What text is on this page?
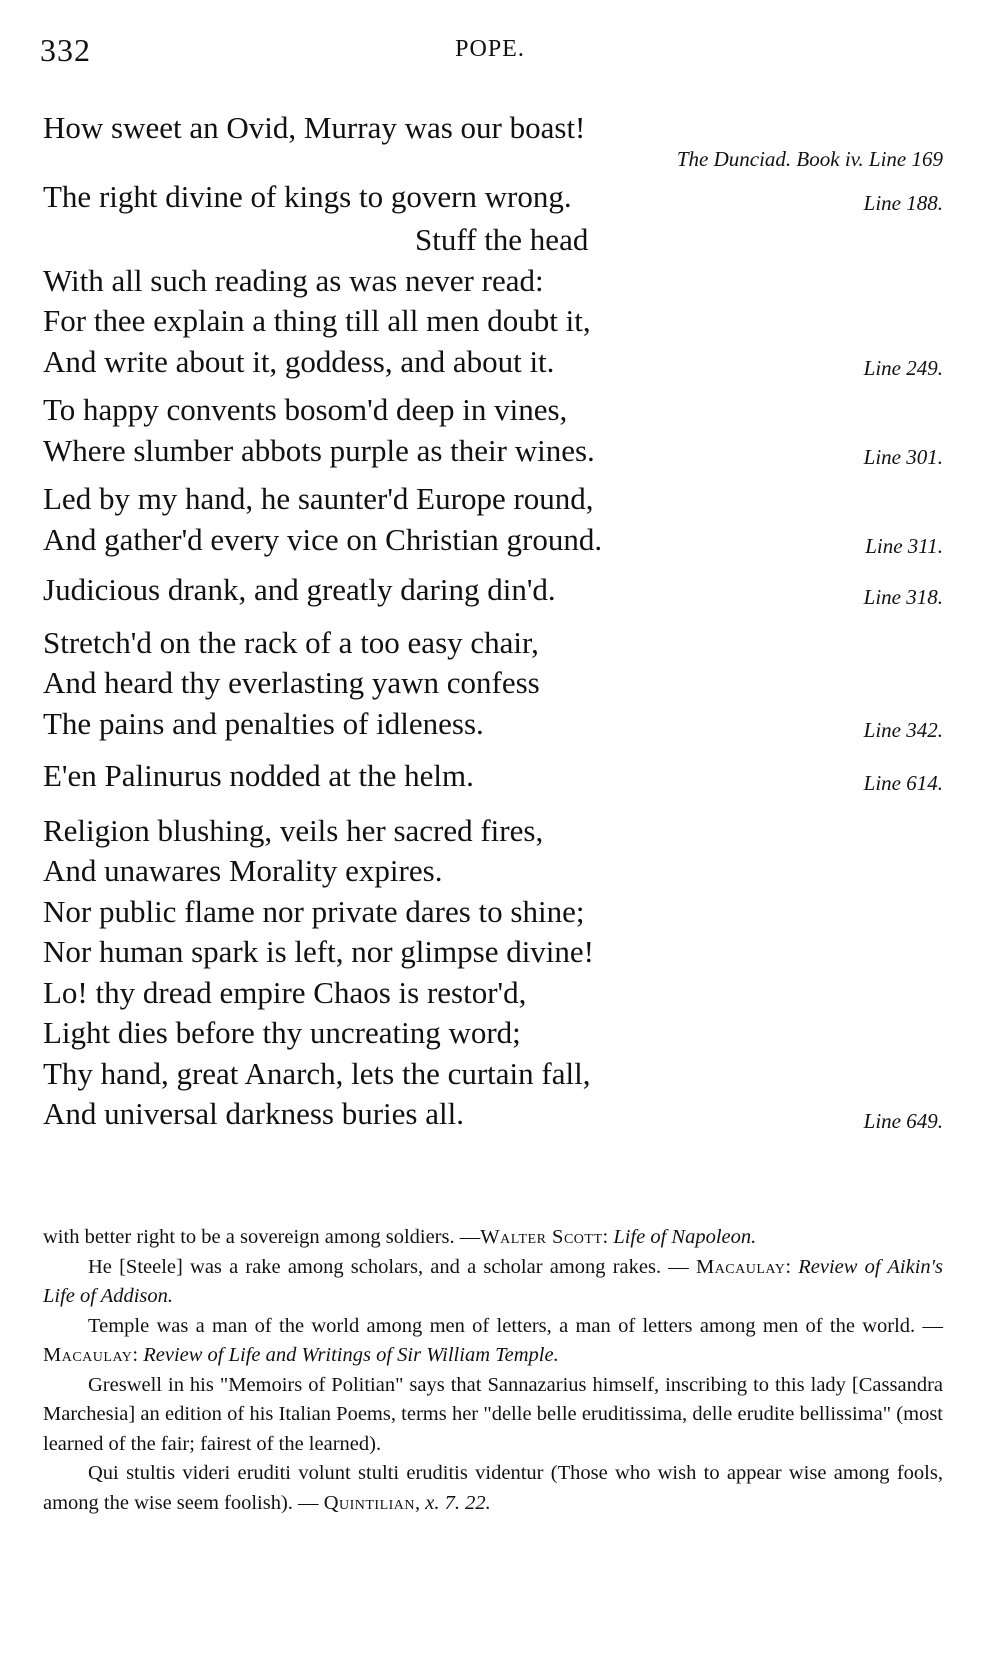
332	POPE.
How sweet an Ovid, Murray was our boast!
The Dunciad. Book iv. Line 169
The right divine of kings to govern wrong.	Line 188.
Stuff the head
With all such reading as was never read:
For thee explain a thing till all men doubt it,
And write about it, goddess, and about it.	Line 249.
To happy convents bosom'd deep in vines,
Where slumber abbots purple as their wines.	Line 301.
Led by my hand, he saunter'd Europe round,
And gather'd every vice on Christian ground.	Line 311.
Judicious drank, and greatly daring din'd.	Line 318.
Stretch'd on the rack of a too easy chair,
And heard thy everlasting yawn confess
The pains and penalties of idleness.	Line 342.
E'en Palinurus nodded at the helm.	Line 614.
Religion blushing, veils her sacred fires,
And unawares Morality expires.
Nor public flame nor private dares to shine;
Nor human spark is left, nor glimpse divine!
Lo! thy dread empire Chaos is restor'd,
Light dies before thy uncreating word;
Thy hand, great Anarch, lets the curtain fall,
And universal darkness buries all.	Line 649.

with better right to be a sovereign among soldiers. —Walter Scott: Life of Napoleon.

He [Steele] was a rake among scholars, and a scholar among rakes. — Macaulay: Review of Aikin's Life of Addison.

Temple was a man of the world among men of letters, a man of letters among men of the world. — Macaulay: Review of Life and Writings of Sir William Temple.

Greswell in his "Memoirs of Politian" says that Sannazarius himself, inscribing to this lady [Cassandra Marchesia] an edition of his Italian Poems, terms her "delle belle eruditissima, delle erudite bellissima" (most learned of the fair; fairest of the learned).

Qui stultis videri eruditi volunt stulti eruditis videntur (Those who wish to appear wise among fools, among the wise seem foolish). — Quintilian, x. 7. 22.
